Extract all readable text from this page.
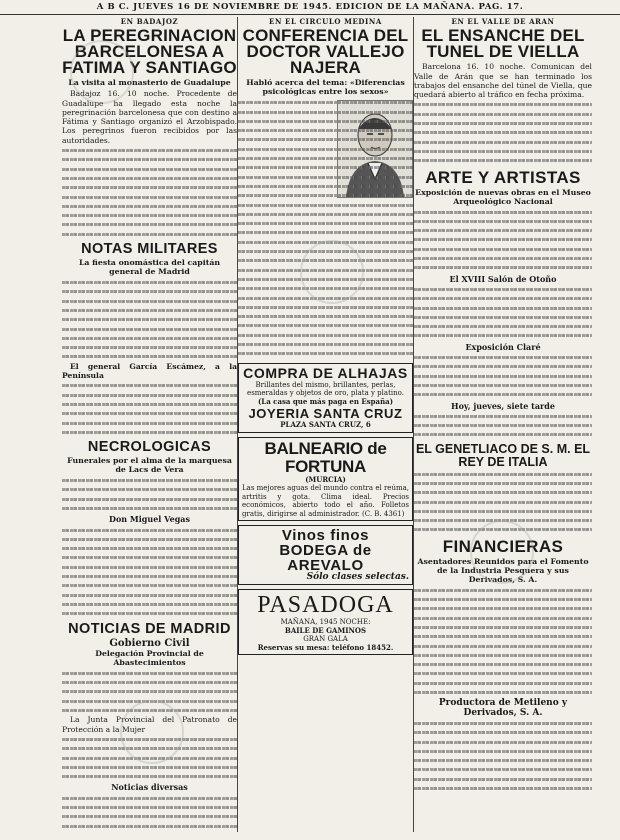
A B C. JUEVES 16 DE NOVIEMBRE DE 1945. EDICION DE LA MAÑANA. PAG. 17.
EN BADAJOZ
LA PEREGRINACION BARCELONESA A FATIMA Y SANTIAGO
La visita al monasterio de Guadalupe

Badajoz 16. 10 noche. Procedente de Guadalupe ha llegado esta noche la peregrinación barcelonesa que con destino a Fátima y Santiago organizó el Arzobispado. Los peregrinos fueron recibidos por las autoridades.

NOTAS MILITARES
La fiesta onomástica del capitán general de Madrid

El general García Escámez, a la Península

NECROLOGICAS
Funerales por el alma de la marquesa de Lacs de Vera
Don Miguel Vegas
NOTICIAS DE MADRID
Gobierno Civil
Delegación Provincial de Abastecimientos

La Junta Provincial del Patronato de Protección a la Mujer

Noticias diversas
EN EL CIRCULO MEDINA
CONFERENCIA DEL DOCTOR VALLEJO NAJERA
Habló acerca del tema: «Diferencias psicológicas entre los sexos»
COMPRA DE ALHAJAS
Brillantes del mismo, brillantes, perlas, esmeraldas y objetos de oro, plata y platino.
(La casa que más paga en España)
JOYERIA SANTA CRUZ
PLAZA SANTA CRUZ, 6
BALNEARIO de FORTUNA
(MURCIA)
Las mejores aguas del mundo contra el reúma, artritis y gota. Clima ideal. Precios económicos, abierto todo el año. Folletos gratis, dirigirse al administrador. (C. B. 4361)
Vinos finos
BODEGA de AREVALO
Sólo clases selectas.
PASADOGA
MAÑANA, 1945 NOCHE:
BAILE DE GAMINOS
GRAN GALA
Reservas su mesa: teléfono 18452.
EN EL VALLE DE ARAN
EL ENSANCHE DEL TUNEL DE VIELLA

Barcelona 16. 10 noche. Comunican del Valle de Arán que se han terminado los trabajos del ensanche del túnel de Viella, que quedará abierto al tráfico en fecha próxima.

ARTE Y ARTISTAS
Exposición de nuevas obras en el Museo Arqueológico Nacional
El XVIII Salón de Otoño
Exposición Claré
Hoy, jueves, siete tarde
EL GENETLIACO DE S. M. EL REY DE ITALIA
FINANCIERAS
Asentadores Reunidos para el Fomento de la Industria Pesquera y sus Derivados, S. A.
Productora de Metileno y Derivados, S. A.
